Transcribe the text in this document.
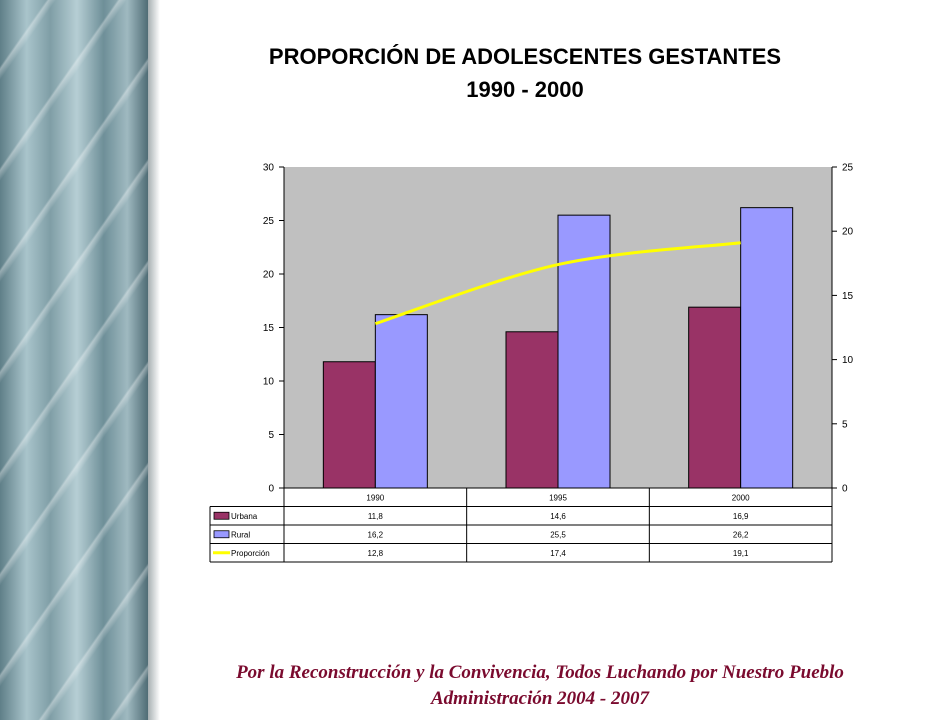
PROPORCIÓN DE ADOLESCENTES GESTANTES
1990 - 2000
0
5
10
15
20
25
30
0
5
10
15
20
25
1990	1995	2000
Urbana	11,8	14,6	16,9
Rural	16,2	25,5	26,2
Proporción	12,8	17,4	19,1
Por la Reconstrucción y la Convivencia, Todos Luchando por Nuestro Pueblo
Administración 2004 - 2007
